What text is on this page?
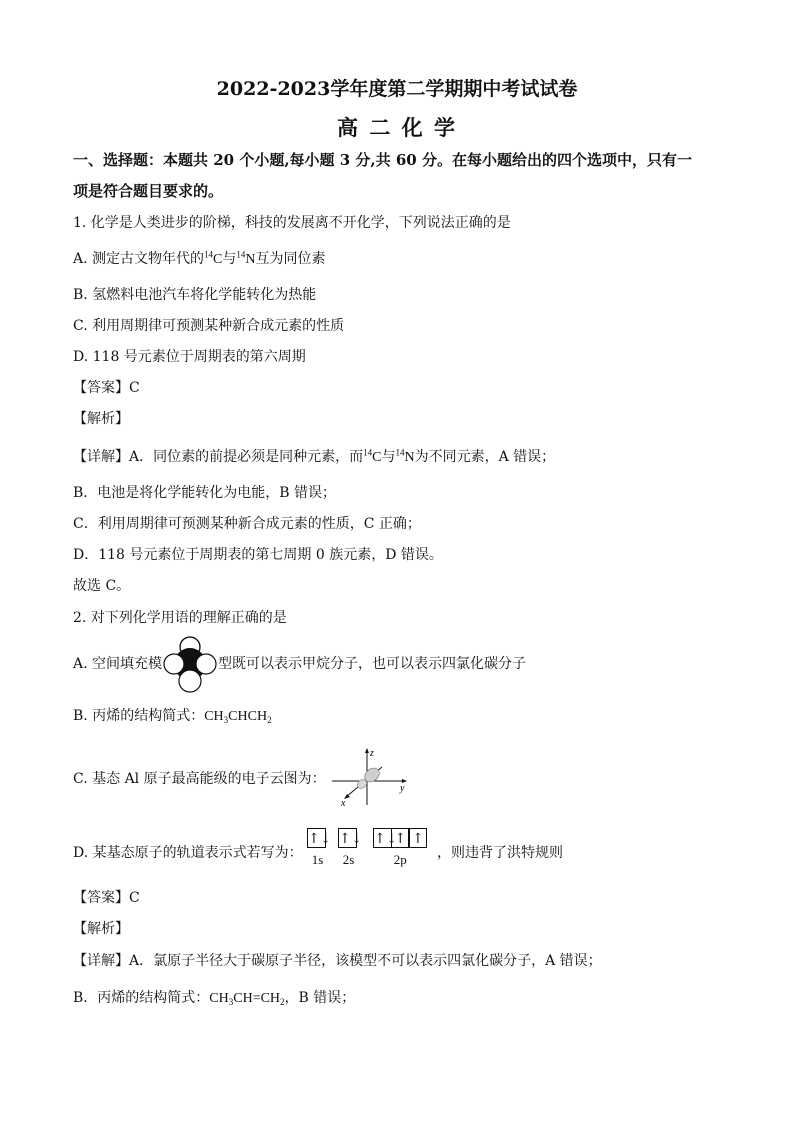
2022-2023学年度第二学期期中考试试卷
高 二 化 学
一、选择题：本题共 20 个小题,每小题 3 分,共 60 分。在每小题给出的四个选项中，只有一
项是符合题目要求的。
1. 化学是人类进步的阶梯，科技的发展离不开化学，下列说法正确的是
A. 测定古文物年代的$^{14}$C与$^{14}$N互为同位素
B. 氢燃料电池汽车将化学能转化为热能
C. 利用周期律可预测某种新合成元素的性质
D. 118 号元素位于周期表的第六周期
【答案】C
【解析】
【详解】A．同位素的前提必须是同种元素，而$^{14}$C与$^{14}$N为不同元素，A 错误；
B．电池是将化学能转化为电能，B 错误；
C．利用周期律可预测某种新合成元素的性质，C 正确；
D．118 号元素位于周期表的第七周期 0 族元素，D 错误。
故选 C。
2. 对下列化学用语的理解正确的是
A. 空间填充模	型既可以表示甲烷分子，也可以表示四氯化碳分子
B. 丙烯的结构简式：$CH_3CHCH_2$
C. 基态 Al 原子最高能级的电子云图为：
z
y
x
D. 某基态原子的轨道表示式若写为：
↑↓
1s
↑↓
2s
↑↓
↑ ↑
2p	，则违背了洪特规则
【答案】C
【解析】
【详解】A．氯原子半径大于碳原子半径，该模型不可以表示四氯化碳分子，A 错误；
B．丙烯的结构简式：$CH_3CH=CH_2$，B 错误；
